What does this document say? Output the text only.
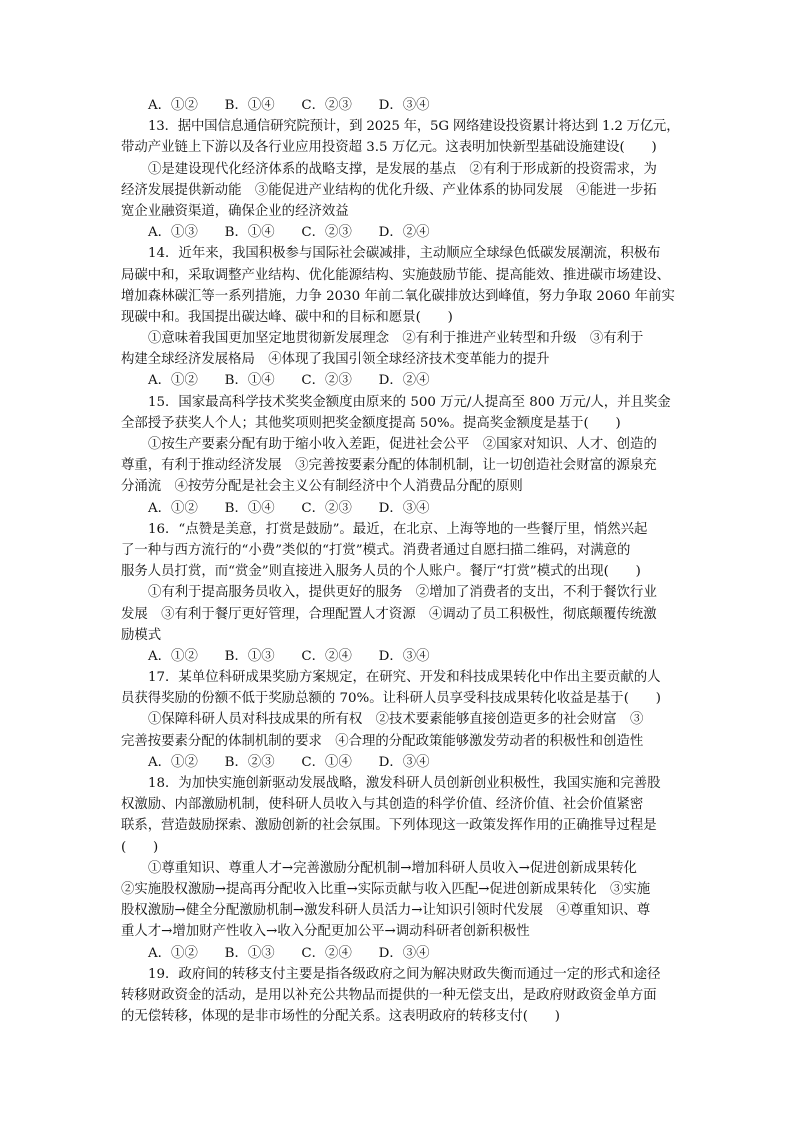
A．①②　　B．①④　　C．②③　　D．③④
13．据中国信息通信研究院预计，到 2025 年，5G 网络建设投资累计将达到 1.2 万亿元，
带动产业链上下游以及各行业应用投资超 3.5 万亿元。这表明加快新型基础设施建设(　　)
①是建设现代化经济体系的战略支撑，是发展的基点　②有利于形成新的投资需求，为
经济发展提供新动能　③能促进产业结构的优化升级、产业体系的协同发展　④能进一步拓
宽企业融资渠道，确保企业的经济效益
A．①③　　B．①④　　C．②③　　D．②④
14．近年来，我国积极参与国际社会碳减排，主动顺应全球绿色低碳发展潮流，积极布
局碳中和，采取调整产业结构、优化能源结构、实施鼓励节能、提高能效、推进碳市场建设、
增加森林碳汇等一系列措施，力争 2030 年前二氧化碳排放达到峰值，努力争取 2060 年前实
现碳中和。我国提出碳达峰、碳中和的目标和愿景(　　)
①意味着我国更加坚定地贯彻新发展理念　②有利于推进产业转型和升级　③有利于
构建全球经济发展格局　④体现了我国引领全球经济技术变革能力的提升
A．①②　　B．①④　　C．②③　　D．②④
15．国家最高科学技术奖奖金额度由原来的 500 万元/人提高至 800 万元/人，并且奖金
全部授予获奖人个人；其他奖项则把奖金额度提高 50%。提高奖金额度是基于(　　)
①按生产要素分配有助于缩小收入差距，促进社会公平　②国家对知识、人才、创造的
尊重，有利于推动经济发展　③完善按要素分配的体制机制，让一切创造社会财富的源泉充
分涌流　④按劳分配是社会主义公有制经济中个人消费品分配的原则
A．①②　　B．①④　　C．②③　　D．③④
16．“点赞是美意，打赏是鼓励”。最近，在北京、上海等地的一些餐厅里，悄然兴起
了一种与西方流行的“小费”类似的“打赏”模式。消费者通过自愿扫描二维码，对满意的
服务人员打赏，而“赏金”则直接进入服务人员的个人账户。餐厅“打赏”模式的出现(　　)
①有利于提高服务员收入，提供更好的服务　②增加了消费者的支出，不利于餐饮行业
发展　③有利于餐厅更好管理，合理配置人才资源　④调动了员工积极性，彻底颠覆传统激
励模式
A．①②　　B．①③　　C．②④　　D．③④
17．某单位科研成果奖励方案规定，在研究、开发和科技成果转化中作出主要贡献的人
员获得奖励的份额不低于奖励总额的 70%。让科研人员享受科技成果转化收益是基于(　　)
①保障科研人员对科技成果的所有权　②技术要素能够直接创造更多的社会财富　③
完善按要素分配的体制机制的要求　④合理的分配政策能够激发劳动者的积极性和创造性
A．①②　　B．②③　　C．①④　　D．③④
18．为加快实施创新驱动发展战略，激发科研人员创新创业积极性，我国实施和完善股
权激励、内部激励机制，使科研人员收入与其创造的科学价值、经济价值、社会价值紧密
联系，营造鼓励探索、激励创新的社会氛围。下列体现这一政策发挥作用的正确推导过程是
(　　)
①尊重知识、尊重人才→完善激励分配机制→增加科研人员收入→促进创新成果转化
②实施股权激励→提高再分配收入比重→实际贡献与收入匹配→促进创新成果转化　③实施
股权激励→健全分配激励机制→激发科研人员活力→让知识引领时代发展　④尊重知识、尊
重人才→增加财产性收入→收入分配更加公平→调动科研者创新积极性
A．①②　　B．①③　　C．②④　　D．③④
19．政府间的转移支付主要是指各级政府之间为解决财政失衡而通过一定的形式和途径
转移财政资金的活动，是用以补充公共物品而提供的一种无偿支出，是政府财政资金单方面
的无偿转移，体现的是非市场性的分配关系。这表明政府的转移支付(　　)
